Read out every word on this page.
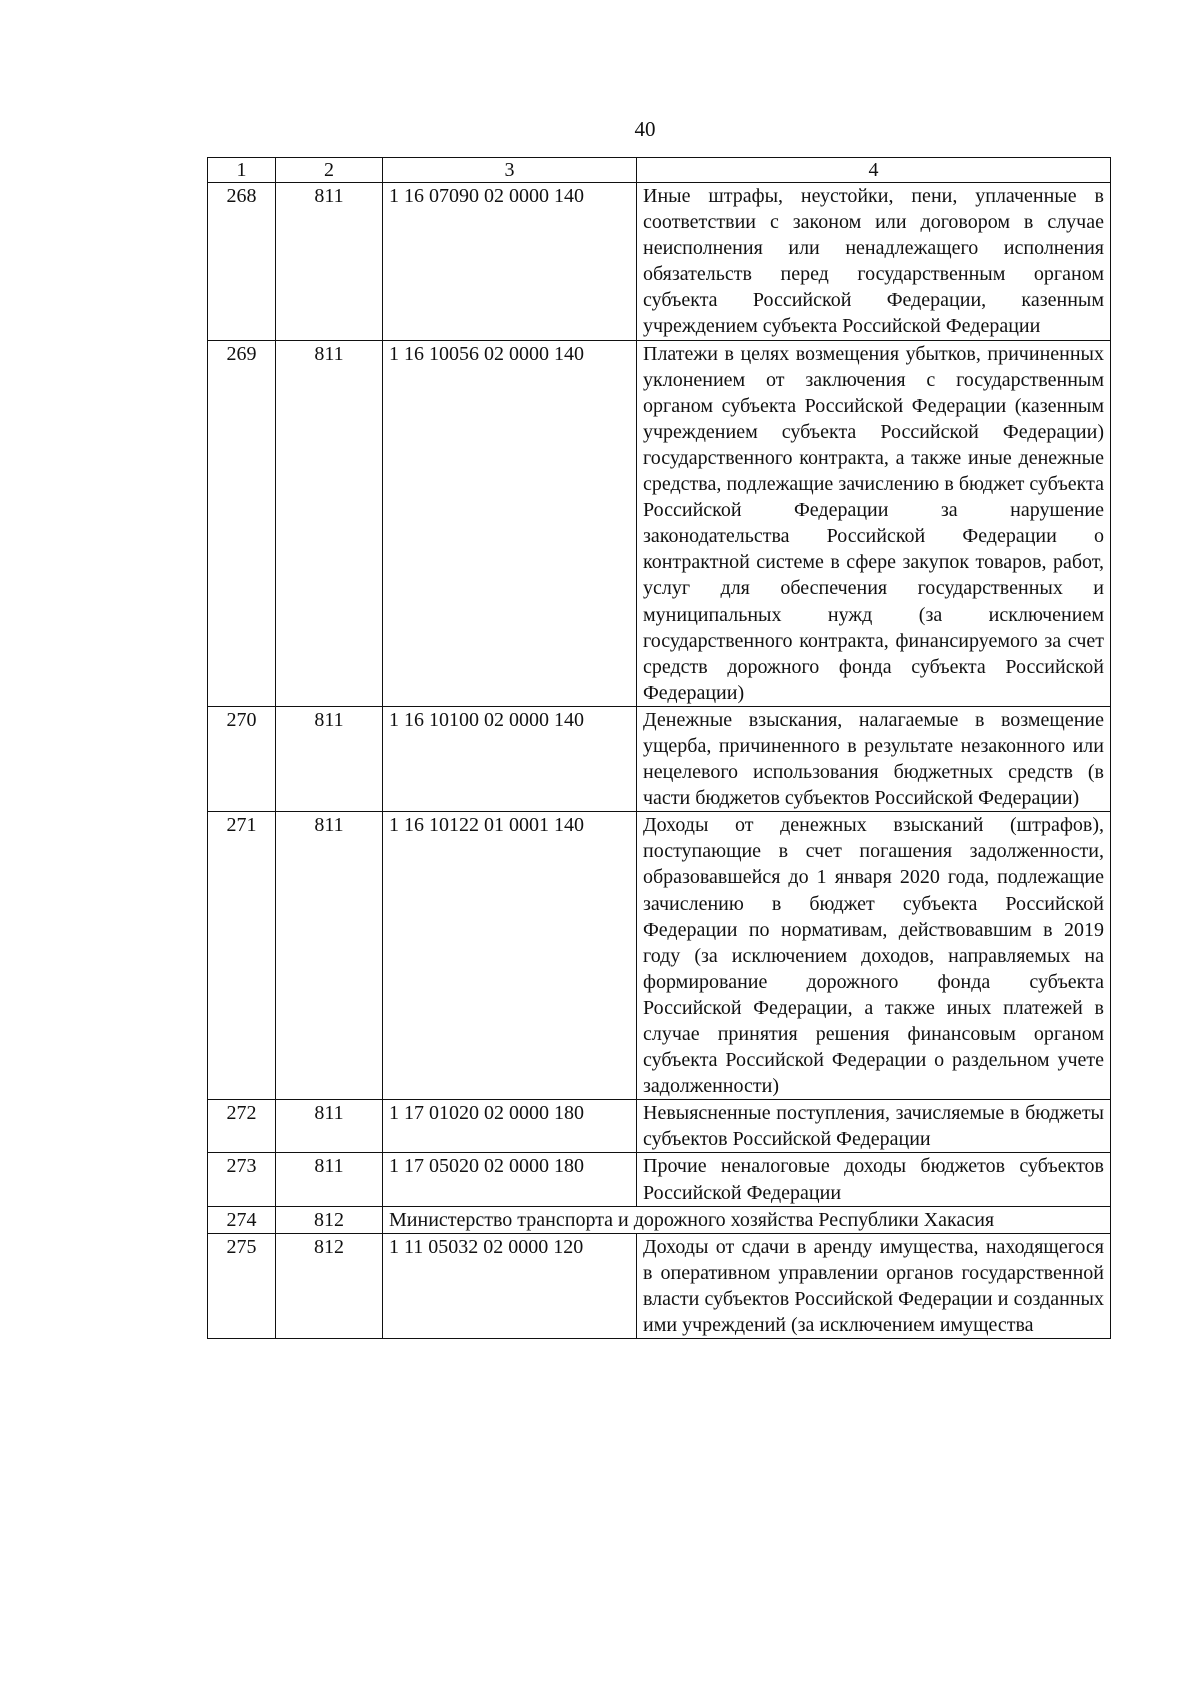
40
1	2	3	4
268	811	1 16 07090 02 0000 140	Иные штрафы, неустойки, пени, уплаченные в соответствии с законом или договором в случае неисполнения или ненадлежащего исполнения обязательств перед государственным органом субъекта Российской Федерации, казенным учреждением субъекта Российской Федерации
269	811	1 16 10056 02 0000 140	Платежи в целях возмещения убытков, причиненных уклонением от заключения с государственным органом субъекта Российской Федерации (казенным учреждением субъекта Российской Федерации) государственного контракта, а также иные денежные средства, подлежащие зачислению в бюджет субъекта Российской Федерации за нарушение законодательства Российской Федерации о контрактной системе в сфере закупок товаров, работ, услуг для обеспечения государственных и муниципальных нужд (за исключением государственного контракта, финансируемого за счет средств дорожного фонда субъекта Российской Федерации)
270	811	1 16 10100 02 0000 140	Денежные взыскания, налагаемые в возмещение ущерба, причиненного в результате незаконного или нецелевого использования бюджетных средств (в части бюджетов субъектов Российской Федерации)
271	811	1 16 10122 01 0001 140	Доходы от денежных взысканий (штрафов), поступающие в счет погашения задолженности, образовавшейся до 1 января 2020 года, подлежащие зачислению в бюджет субъекта Российской Федерации по нормативам, действовавшим в 2019 году (за исключением доходов, направляемых на формирование дорожного фонда субъекта Российской Федерации, а также иных платежей в случае принятия решения финансовым органом субъекта Российской Федерации о раздельном учете задолженности)
272	811	1 17 01020 02 0000 180	Невыясненные поступления, зачисляемые в бюджеты субъектов Российской Федерации
273	811	1 17 05020 02 0000 180	Прочие неналоговые доходы бюджетов субъектов Российской Федерации
274	812	Министерство транспорта и дорожного хозяйства Республики Хакасия	
275	812	1 11 05032 02 0000 120	Доходы от сдачи в аренду имущества, находящегося в оперативном управлении органов государственной власти субъектов Российской Федерации и созданных ими учреждений (за исключением имущества
